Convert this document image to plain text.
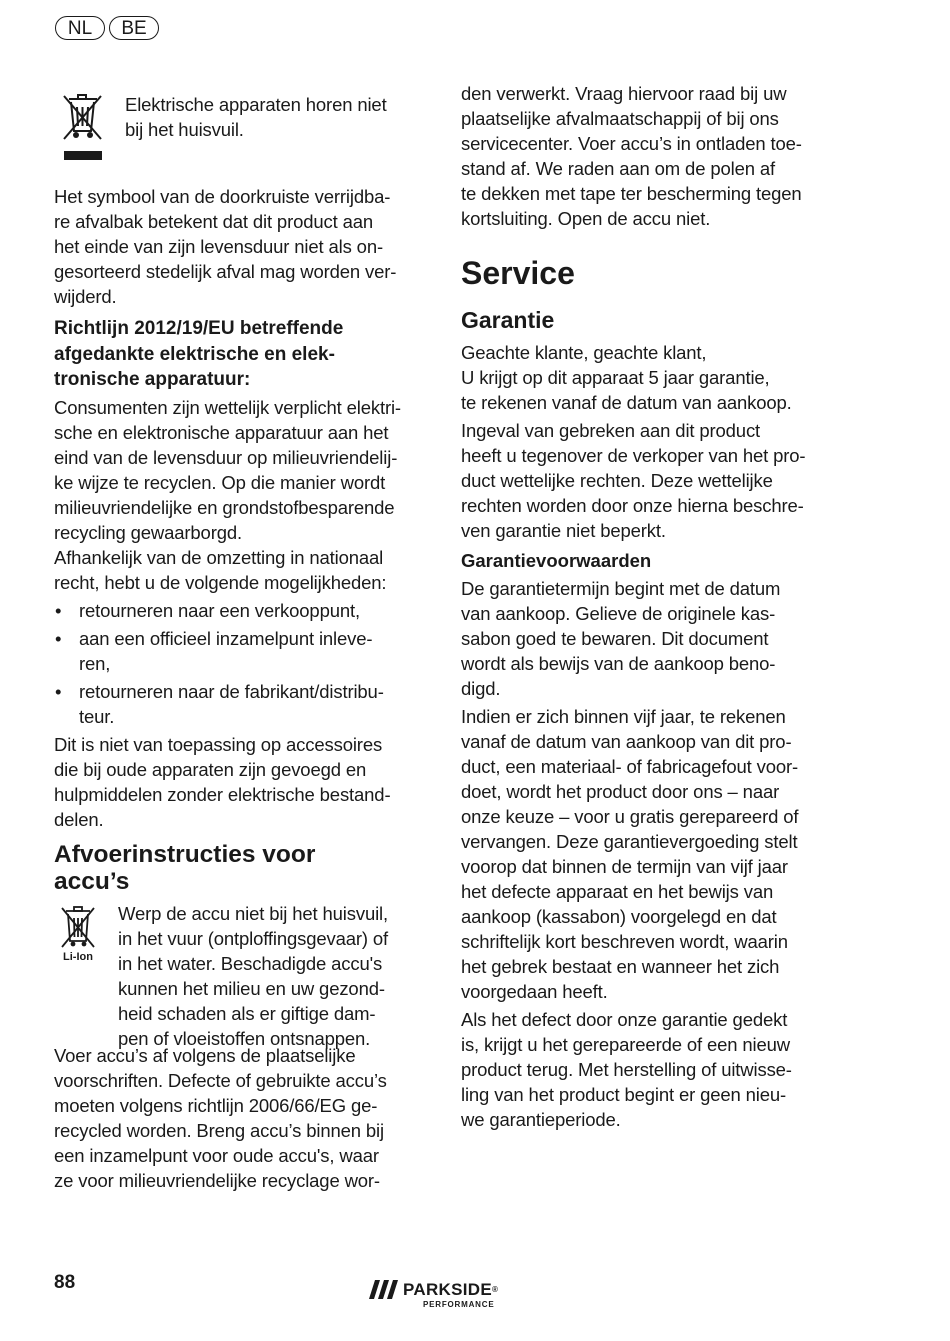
NL	BE

Elektrische apparaten horen niet
bij het huisvuil.

Het symbool van de doorkruiste verrijdba-
re afvalbak betekent dat dit product aan
het einde van zijn levensduur niet als on-
gesorteerd stedelijk afval mag worden ver-
wijderd.

Richtlijn 2012/19/EU betreffende
afgedankte elektrische en elek-
tronische apparatuur:

Consumenten zijn wettelijk verplicht elektri-
sche en elektronische apparatuur aan het
eind van de levensduur op milieuvriendelij-
ke wijze te recyclen. Op die manier wordt
milieuvriendelijke en grondstofbesparende
recycling gewaarborgd.

Afhankelijk van de omzetting in nationaal
recht, hebt u de volgende mogelijkheden:

• retourneren naar een verkooppunt,
• aan een officieel inzamelpunt inleve-
ren,
• retourneren naar de fabrikant/distribu-
teur.

Dit is niet van toepassing op accessoires
die bij oude apparaten zijn gevoegd en
hulpmiddelen zonder elektrische bestand-
delen.

Afvoerinstructies voor
accu’s

Li-Ion

Werp de accu niet bij het huisvuil,
in het vuur (ontploffingsgevaar) of
in het water. Beschadigde accu's
kunnen het milieu en uw gezond-
heid schaden als er giftige dam-
pen of vloeistoffen ontsnappen.

Voer accu’s af volgens de plaatselijke
voorschriften. Defecte of gebruikte accu’s
moeten volgens richtlijn 2006/66/EG ge-
recycled worden. Breng accu’s binnen bij
een inzamelpunt voor oude accu's, waar
ze voor milieuvriendelijke recyclage wor-

den verwerkt. Vraag hiervoor raad bij uw
plaatselijke afvalmaatschappij of bij ons
servicecenter. Voer accu’s in ontladen toe-
stand af. We raden aan om de polen af
te dekken met tape ter bescherming tegen
kortsluiting. Open de accu niet.

Service

Garantie

Geachte klante, geachte klant,
U krijgt op dit apparaat 5 jaar garantie,
te rekenen vanaf de datum van aankoop.

Ingeval van gebreken aan dit product
heeft u tegenover de verkoper van het pro-
duct wettelijke rechten. Deze wettelijke
rechten worden door onze hierna beschre-
ven garantie niet beperkt.

Garantievoorwaarden

De garantietermijn begint met de datum
van aankoop. Gelieve de originele kas-
sabon goed te bewaren. Dit document
wordt als bewijs van de aankoop beno-
digd.

Indien er zich binnen vijf jaar, te rekenen
vanaf de datum van aankoop van dit pro-
duct, een materiaal- of fabricagefout voor-
doet, wordt het product door ons – naar
onze keuze – voor u gratis gerepareerd of
vervangen. Deze garantievergoeding stelt
voorop dat binnen de termijn van vijf jaar
het defecte apparaat en het bewijs van
aankoop (kassabon) voorgelegd en dat
schriftelijk kort beschreven wordt, waarin
het gebrek bestaat en wanneer het zich
voorgedaan heeft.

Als het defect door onze garantie gedekt
is, krijgt u het gerepareerde of een nieuw
product terug. Met herstelling of uitwisse-
ling van het product begint er geen nieu-
we garantieperiode.

88	PARKSIDE®
PERFORMANCE
